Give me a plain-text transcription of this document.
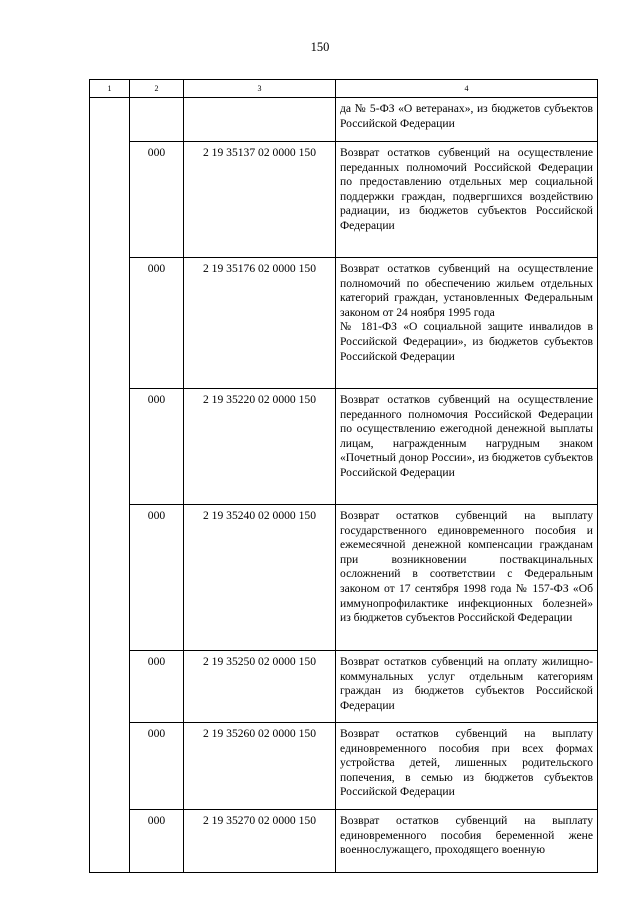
150
1	2	3	4
			да № 5-ФЗ «О ветеранах», из бюджетов субъектов Российской Федерации
	000	2 19 35137 02 0000 150	Возврат остатков субвенций на осуществление переданных полномочий Российской Федерации по предоставлению отдельных мер социальной поддержки граждан, подвергшихся воздействию радиации, из бюджетов субъектов Российской Федерации
	000	2 19 35176 02 0000 150	Возврат остатков субвенций на осуществление полномочий по обеспечению жильем отдельных категорий граждан, установленных Федеральным законом от 24 ноября 1995 года
№ 181-ФЗ «О социальной защите инвалидов в Российской Федерации», из бюджетов субъектов Российской Федерации

	000	2 19 35220 02 0000 150	Возврат остатков субвенций на осуществление переданного полномочия Российской Федерации по осуществлению ежегодной денежной выплаты лицам, награжденным нагрудным знаком «Почетный донор России», из бюджетов субъектов Российской Федерации
	000	2 19 35240 02 0000 150	Возврат остатков субвенций на выплату государственного единовременного пособия и ежемесячной денежной компенсации гражданам при возникновении поствакцинальных осложнений в соответствии с Федеральным законом от 17 сентября 1998 года № 157-ФЗ «Об иммунопрофилактике инфекционных болезней» из бюджетов субъектов Российской Федерации
	000	2 19 35250 02 0000 150	Возврат остатков субвенций на оплату жилищно-коммунальных услуг отдельным категориям граждан из бюджетов субъектов Российской Федерации
	000	2 19 35260 02 0000 150	Возврат остатков субвенций на выплату единовременного пособия при всех формах устройства детей, лишенных родительского попечения, в семью из бюджетов субъектов Российской Федерации
	000	2 19 35270 02 0000 150	Возврат остатков субвенций на выплату единовременного пособия беременной жене военнослужащего, проходящего военную
